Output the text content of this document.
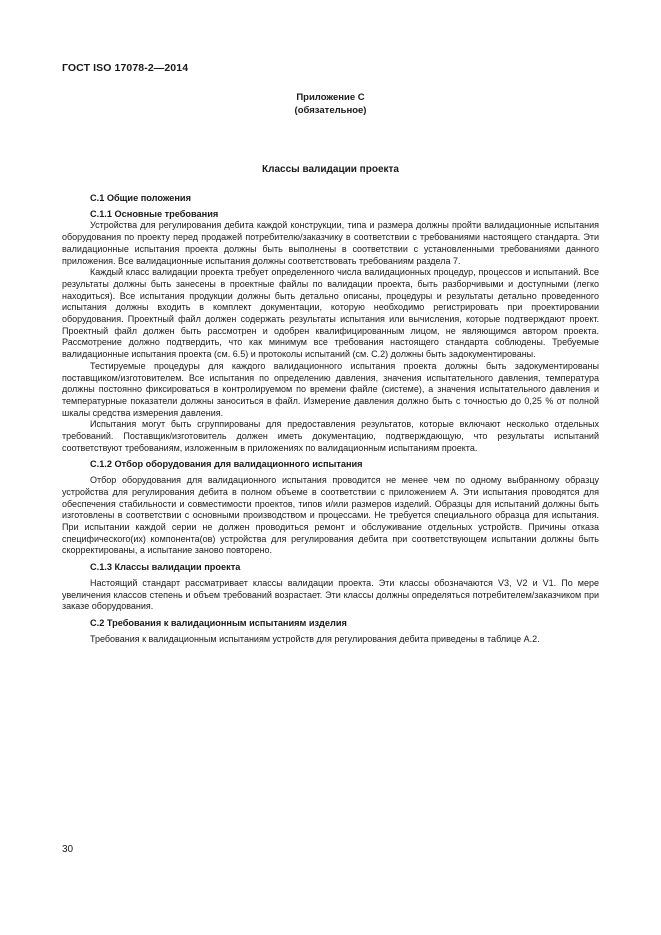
ГОСТ ISO 17078-2—2014
Приложение С
(обязательное)
Классы валидации проекта
С.1 Общие положения
С.1.1 Основные требования

Устройства для регулирования дебита каждой конструкции, типа и размера должны пройти валидационные испытания оборудования по проекту перед продажей потребителю/заказчику в соответствии с требованиями настоящего стандарта. Эти валидационные испытания проекта должны быть выполнены в соответствии с установленными требованиями данного приложения. Все валидационные испытания должны соответствовать требованиям раздела 7.

Каждый класс валидации проекта требует определенного числа валидационных процедур, процессов и испытаний. Все результаты должны быть занесены в проектные файлы по валидации проекта, быть разборчивыми и доступными (легко находиться). Все испытания продукции должны быть детально описаны, процедуры и результаты детально проведенного испытания должны входить в комплект документации, которую необходимо регистрировать при проектировании оборудования. Проектный файл должен содержать результаты испытания или вычисления, которые подтверждают проект. Проектный файл должен быть рассмотрен и одобрен квалифицированным лицом, не являющимся автором проекта. Рассмотрение должно подтвердить, что как минимум все требования настоящего стандарта соблюдены. Требуемые валидационные испытания проекта (см. 6.5) и протоколы испытаний (см. С.2) должны быть задокументированы.

Тестируемые процедуры для каждого валидационного испытания проекта должны быть задокументированы поставщиком/изготовителем. Все испытания по определению давления, значения испытательного давления, температура должны постоянно фиксироваться в контролируемом по времени файле (системе), а значения испытательного давления и температурные показатели должны заноситься в файл. Измерение давления должно быть с точностью до 0,25 % от полной шкалы средства измерения давления.

Испытания могут быть сгруппированы для предоставления результатов, которые включают несколько отдельных требований. Поставщик/изготовитель должен иметь документацию, подтверждающую, что результаты испытаний соответствуют требованиям, изложенным в приложениях по валидационным испытаниям проекта.

С.1.2 Отбор оборудования для валидационного испытания

Отбор оборудования для валидационного испытания проводится не менее чем по одному выбранному образцу устройства для регулирования дебита в полном объеме в соответствии с приложением А. Эти испытания проводятся для обеспечения стабильности и совместимости проектов, типов и/или размеров изделий. Образцы для испытаний должны быть изготовлены в соответствии с основными производством и процессами. Не требуется специального образца для испытания. При испытании каждой серии не должен проводиться ремонт и обслуживание отдельных устройств. Причины отказа специфического(их) компонента(ов) устройства для регулирования дебита при соответствующем испытании должны быть скорректированы, а испытание заново повторено.

С.1.3 Классы валидации проекта

Настоящий стандарт рассматривает классы валидации проекта. Эти классы обозначаются V3, V2 и V1. По мере увеличения классов степень и объем требований возрастает. Эти классы должны определяться потребителем/заказчиком при заказе оборудования.

С.2 Требования к валидационным испытаниям изделия

Требования к валидационным испытаниям устройств для регулирования дебита приведены в таблице А.2.

30
